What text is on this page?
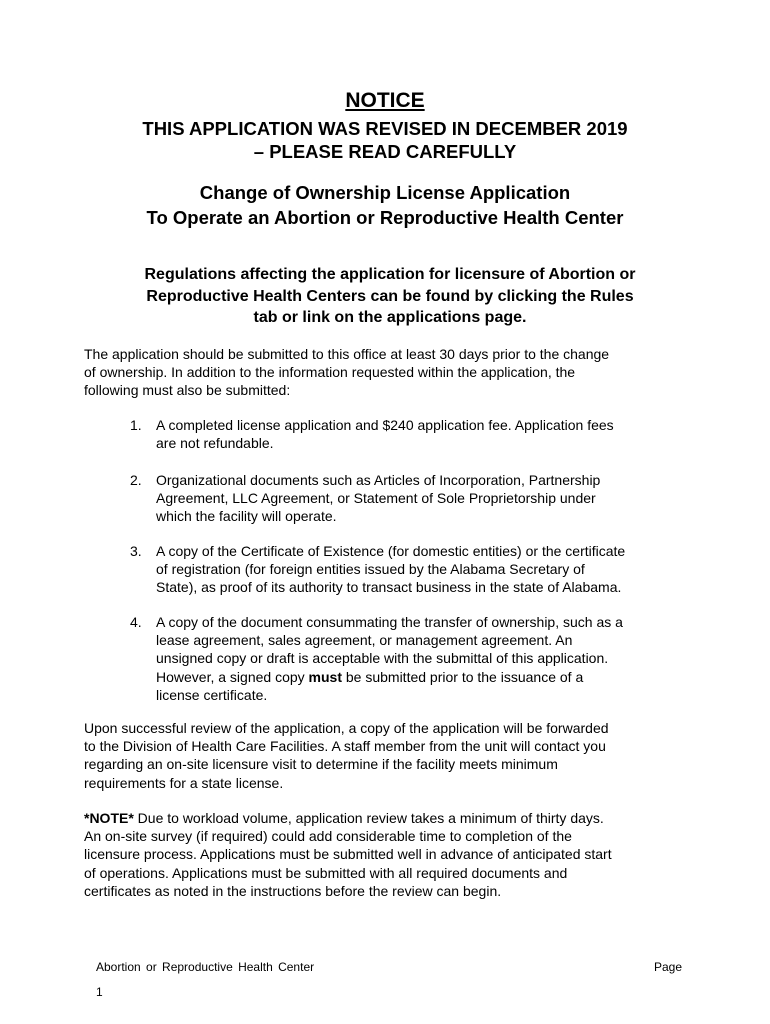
NOTICE
THIS APPLICATION WAS REVISED IN DECEMBER 2019
– PLEASE READ CAREFULLY
Change of Ownership License Application
To Operate an Abortion or Reproductive Health Center
Regulations affecting the application for licensure of Abortion or
Reproductive Health Centers can be found by clicking the Rules
tab or link on the applications page.
The application should be submitted to this office at least 30 days prior to the change
of ownership. In addition to the information requested within the application, the
following must also be submitted:
1.	A completed license application and $240 application fee. Application fees
are not refundable.
2.	Organizational documents such as Articles of Incorporation, Partnership
Agreement, LLC Agreement, or Statement of Sole Proprietorship under
which the facility will operate.
3.	A copy of the Certificate of Existence (for domestic entities) or the certificate
of registration (for foreign entities issued by the Alabama Secretary of
State), as proof of its authority to transact business in the state of Alabama.
4.	A copy of the document consummating the transfer of ownership, such as a
lease agreement, sales agreement, or management agreement. An
unsigned copy or draft is acceptable with the submittal of this application.
However, a signed copy must be submitted prior to the issuance of a
license certificate.
Upon successful review of the application, a copy of the application will be forwarded
to the Division of Health Care Facilities. A staff member from the unit will contact you
regarding an on-site licensure visit to determine if the facility meets minimum
requirements for a state license.
*NOTE* Due to workload volume, application review takes a minimum of thirty days.
An on-site survey (if required) could add considerable time to completion of the
licensure process. Applications must be submitted well in advance of anticipated start
of operations. Applications must be submitted with all required documents and
certificates as noted in the instructions before the review can begin.
Abortion or Reproductive Health Center	Page
1
